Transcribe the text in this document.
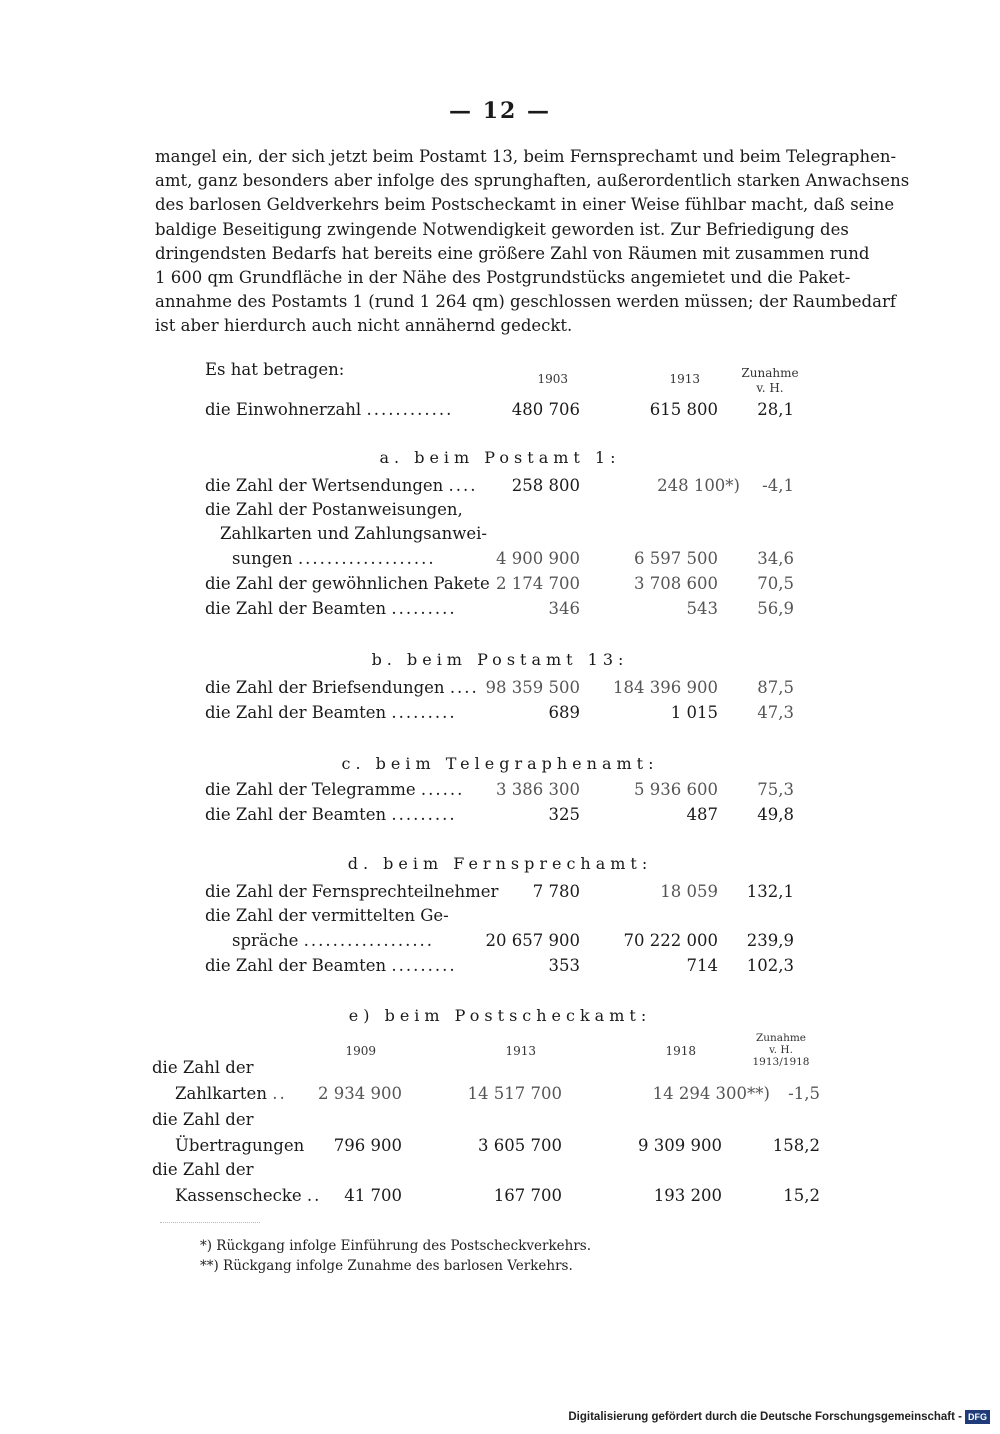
— 12 —
mangel ein, der sich jetzt beim Postamt 13, beim Fernsprechamt und beim Telegraphen-
amt, ganz besonders aber infolge des sprunghaften, außerordentlich starken Anwachsens
des barlosen Geldverkehrs beim Postscheckamt in einer Weise fühlbar macht, daß seine
baldige Beseitigung zwingende Notwendigkeit geworden ist. Zur Befriedigung des
dringendsten Bedarfs hat bereits eine größere Zahl von Räumen mit zusammen rund
1 600 qm Grundfläche in der Nähe des Postgrundstücks angemietet und die Paket-
annahme des Postamts 1 (rund 1 264 qm) geschlossen werden müssen; der Raumbedarf
ist aber hierdurch auch nicht annähernd gedeckt.
Es hat betragen:	1903	1913	Zunahme
v. H.
die Einwohnerzahl ............	480 706	615 800	28,1
a. beim Postamt 1:
die Zahl der Wertsendungen ....	258 800	248 100*)	-4,1
die Zahl der Postanweisungen,
Zahlkarten und Zahlungsanwei-
sungen ...................	4 900 900	6 597 500	34,6
die Zahl der gewöhnlichen Pakete 2 174 700	3 708 600	70,5
die Zahl der Beamten .........	346	543	56,9
b. beim Postamt 13:
die Zahl der Briefsendungen .... 98 359 500	184 396 900	87,5
die Zahl der Beamten .........	689	1 015	47,3
c. beim Telegraphenamt:
die Zahl der Telegramme ......	3 386 300	5 936 600	75,3
die Zahl der Beamten .........	325	487	49,8
d. beim Fernsprechamt:
die Zahl der Fernsprechteilnehmer	7 780	18 059	132,1
die Zahl der vermittelten Ge-
spräche ..................	20 657 900	70 222 000	239,9
die Zahl der Beamten .........	353	714	102,3
e) beim Postscheckamt:
1909	1913	1918
Zunahme
v. H.
1913/1918
die Zahl der
Zahlkarten ..	2 934 900	14 517 700	14 294 300**)	-1,5
die Zahl der
Übertragungen	796 900	3 605 700	9 309 900	158,2
die Zahl der
Kassenschecke ..	41 700	167 700	193 200	15,2
*) Rückgang infolge Einführung des Postscheckverkehrs.
**) Rückgang infolge Zunahme des barlosen Verkehrs.
Digitalisierung gefördert durch die Deutsche Forschungsgemeinschaft - DFG
